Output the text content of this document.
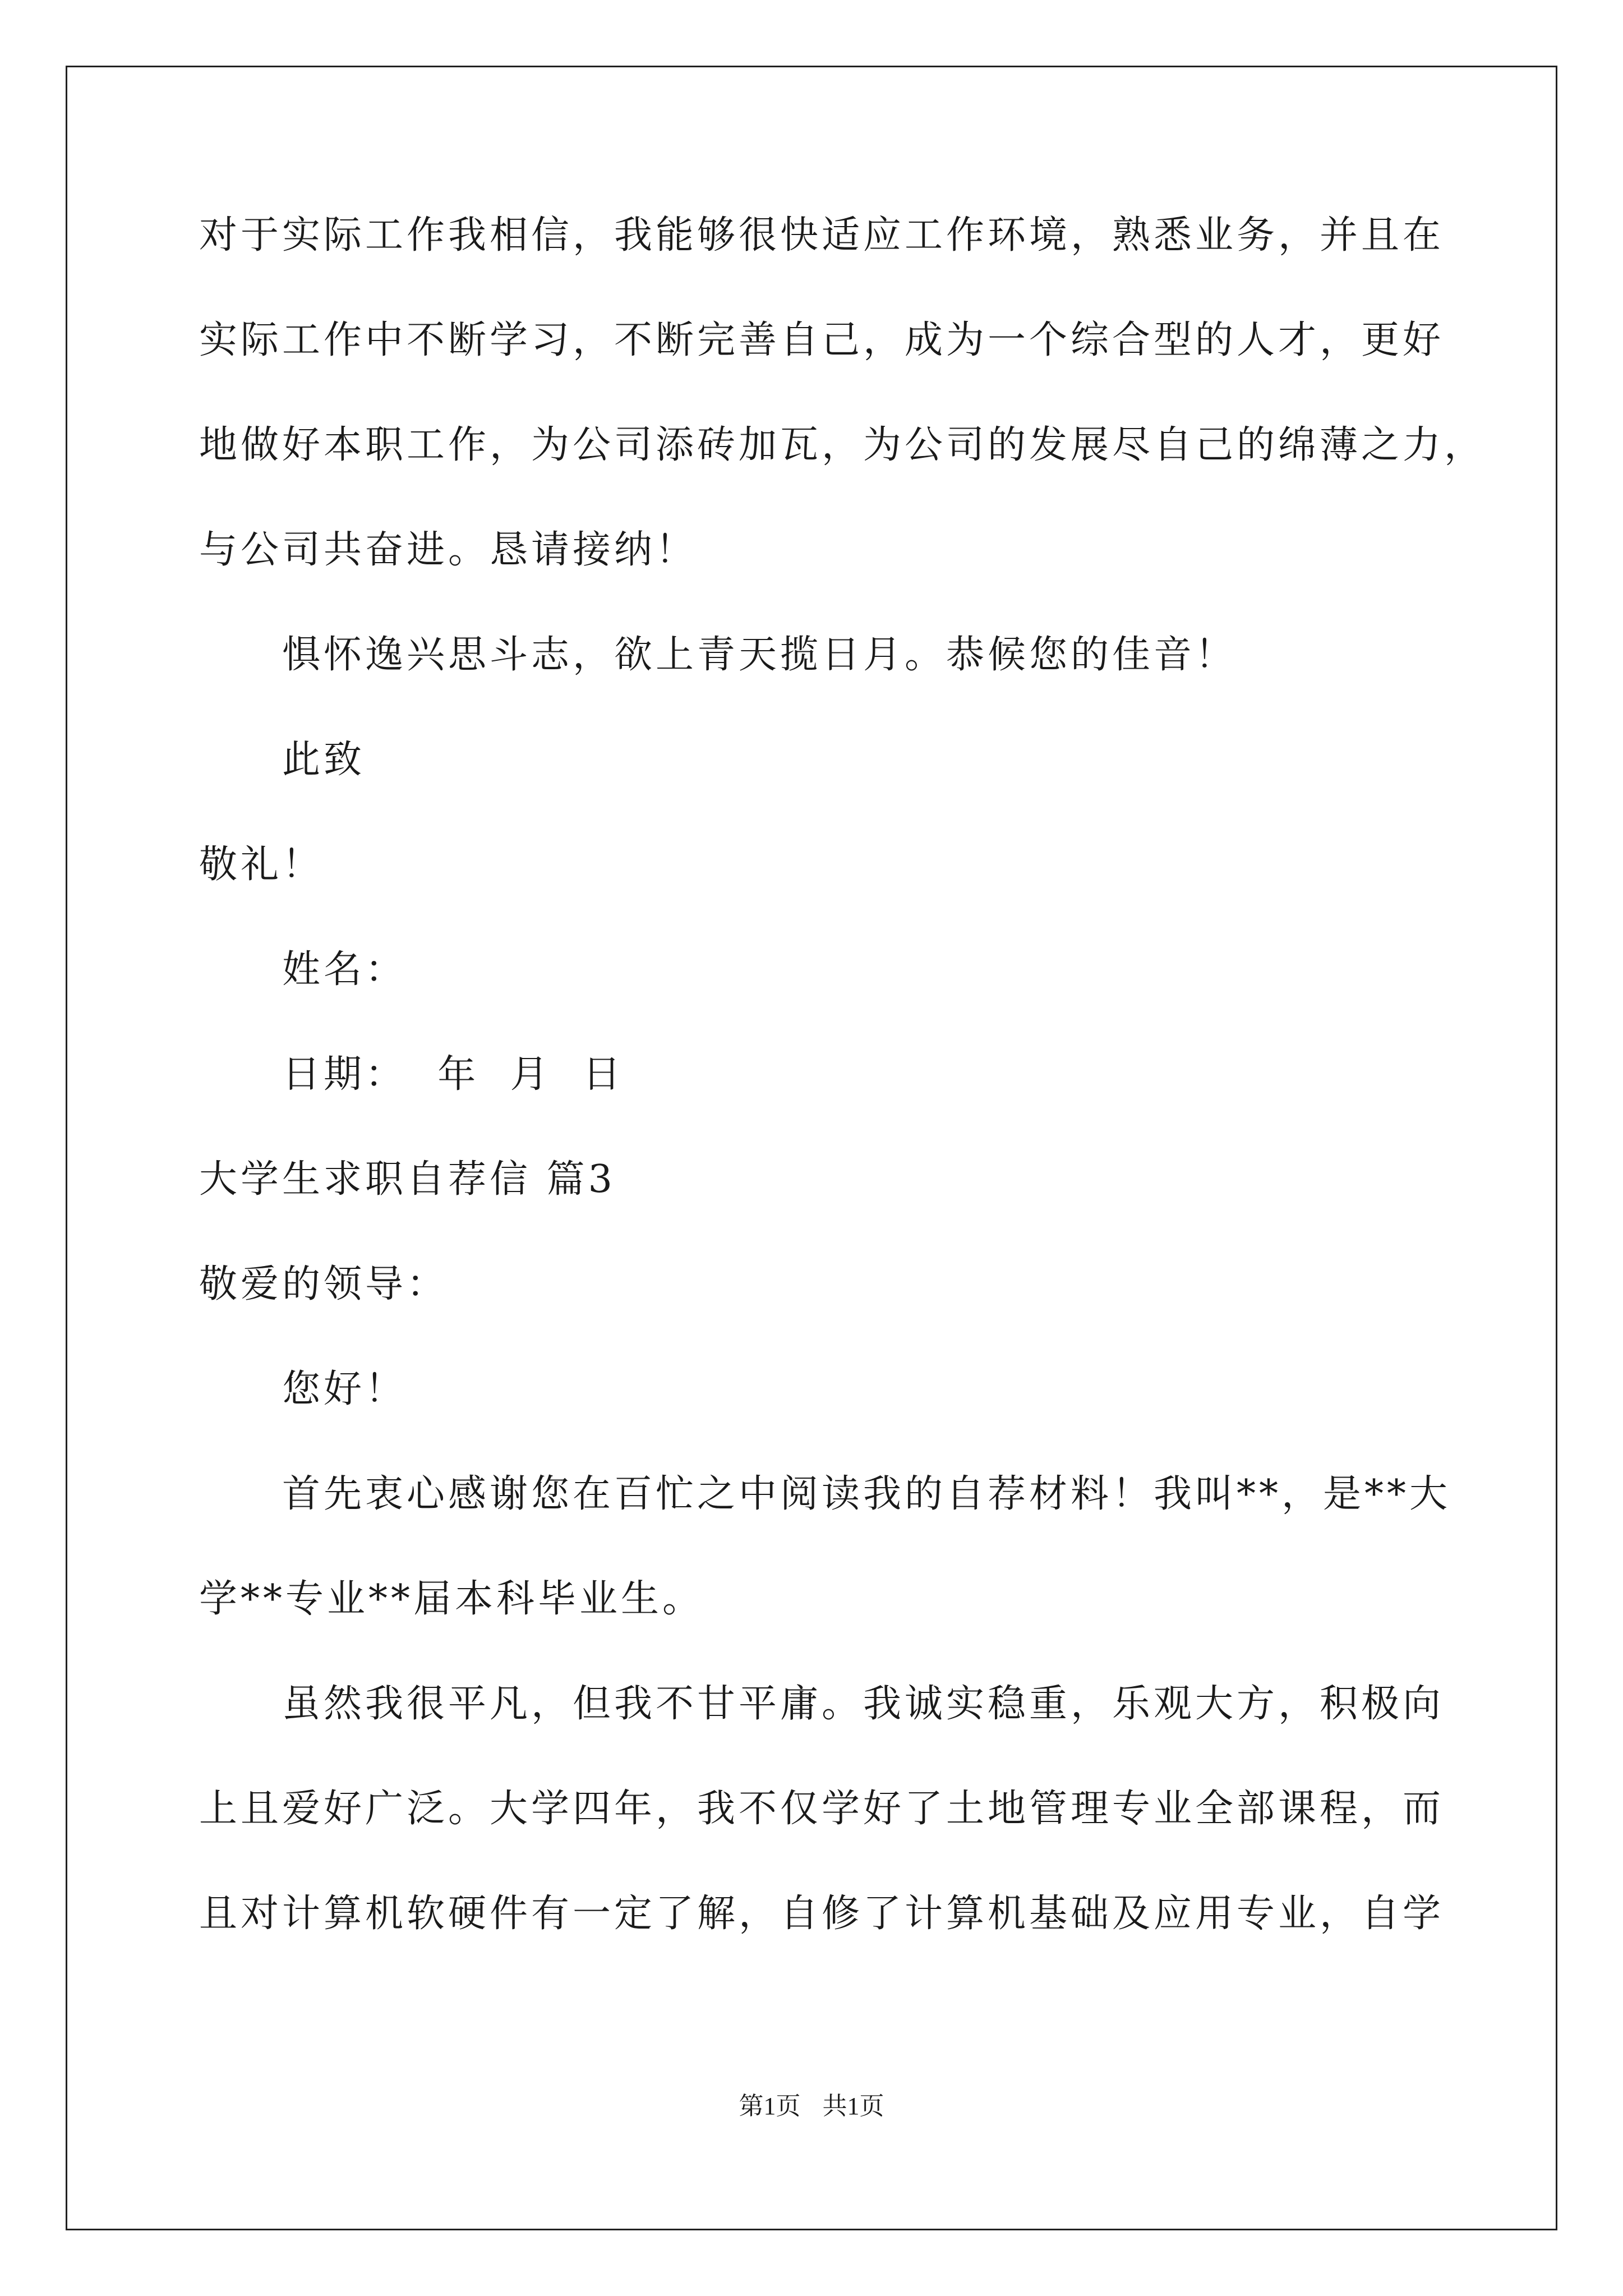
对于实际工作我相信，我能够很快适应工作环境，熟悉业务，并且在
实际工作中不断学习，不断完善自己，成为一个综合型的人才，更好
地做好本职工作，为公司添砖加瓦，为公司的发展尽自己的绵薄之力，
与公司共奋进。恳请接纳！
惧怀逸兴思斗志，欲上青天揽日月。恭候您的佳音！
此致
敬礼！
姓名：
日期：  年  月  日
大学生求职自荐信 篇3
敬爱的领导：
您好！
首先衷心感谢您在百忙之中阅读我的自荐材料！我叫**，是**大
学**专业**届本科毕业生。
虽然我很平凡，但我不甘平庸。我诚实稳重，乐观大方，积极向
上且爱好广泛。大学四年，我不仅学好了土地管理专业全部课程，而
且对计算机软硬件有一定了解，自修了计算机基础及应用专业，自学
第1页 共1页
